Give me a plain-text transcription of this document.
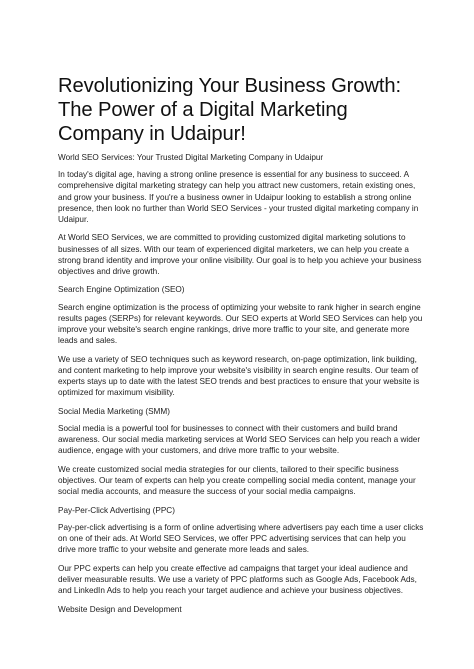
Revolutionizing Your Business Growth: The Power of a Digital Marketing Company in Udaipur!

World SEO Services: Your Trusted Digital Marketing Company in Udaipur

In today's digital age, having a strong online presence is essential for any business to succeed. A comprehensive digital marketing strategy can help you attract new customers, retain existing ones, and grow your business. If you're a business owner in Udaipur looking to establish a strong online presence, then look no further than World SEO Services - your trusted digital marketing company in Udaipur.

At World SEO Services, we are committed to providing customized digital marketing solutions to businesses of all sizes. With our team of experienced digital marketers, we can help you create a strong brand identity and improve your online visibility. Our goal is to help you achieve your business objectives and drive growth.

Search Engine Optimization (SEO)

Search engine optimization is the process of optimizing your website to rank higher in search engine results pages (SERPs) for relevant keywords. Our SEO experts at World SEO Services can help you improve your website's search engine rankings, drive more traffic to your site, and generate more leads and sales.

We use a variety of SEO techniques such as keyword research, on-page optimization, link building, and content marketing to help improve your website's visibility in search engine results. Our team of experts stays up to date with the latest SEO trends and best practices to ensure that your website is optimized for maximum visibility.

Social Media Marketing (SMM)

Social media is a powerful tool for businesses to connect with their customers and build brand awareness. Our social media marketing services at World SEO Services can help you reach a wider audience, engage with your customers, and drive more traffic to your website.

We create customized social media strategies for our clients, tailored to their specific business objectives. Our team of experts can help you create compelling social media content, manage your social media accounts, and measure the success of your social media campaigns.

Pay-Per-Click Advertising (PPC)

Pay-per-click advertising is a form of online advertising where advertisers pay each time a user clicks on one of their ads. At World SEO Services, we offer PPC advertising services that can help you drive more traffic to your website and generate more leads and sales.

Our PPC experts can help you create effective ad campaigns that target your ideal audience and deliver measurable results. We use a variety of PPC platforms such as Google Ads, Facebook Ads, and LinkedIn Ads to help you reach your target audience and achieve your business objectives.

Website Design and Development
